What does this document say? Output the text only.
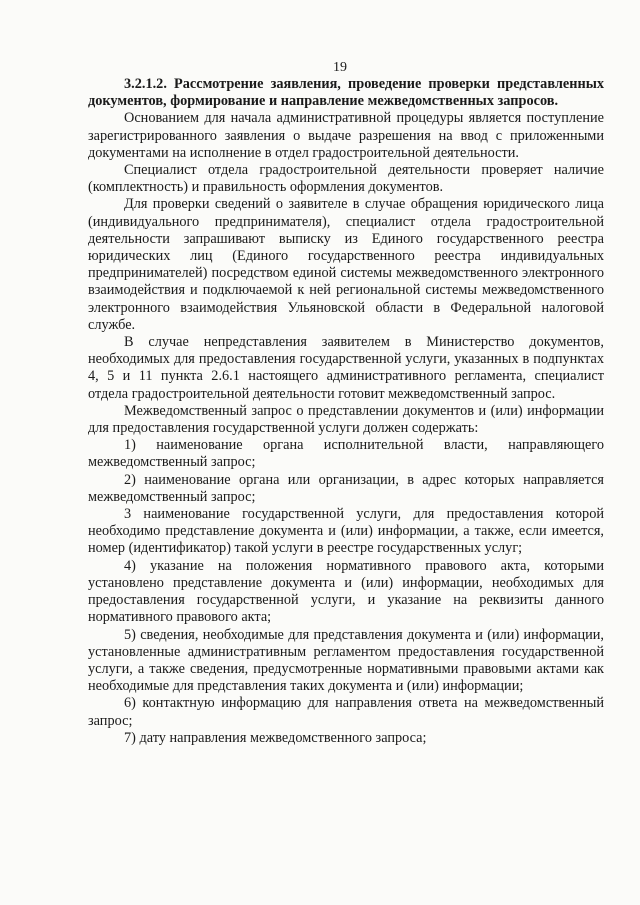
19

3.2.1.2. Рассмотрение заявления, проведение проверки представленных документов, формирование и направление межведомственных запросов.

Основанием для начала административной процедуры является поступление зарегистрированного заявления о выдаче разрешения на ввод с приложенными документами на исполнение в отдел градостроительной деятельности.

Специалист отдела градостроительной деятельности проверяет наличие (комплектность) и правильность оформления документов.

Для проверки сведений о заявителе в случае обращения юридического лица (индивидуального предпринимателя), специалист отдела градостроительной деятельности запрашивают выписку из Единого государственного реестра юридических лиц (Единого государственного реестра индивидуальных предпринимателей) посредством единой системы межведомственного электронного взаимодействия и подключаемой к ней региональной системы межведомственного электронного взаимодействия Ульяновской области в Федеральной налоговой службе.

В случае непредставления заявителем в Министерство документов, необходимых для предоставления государственной услуги, указанных в подпунктах 4, 5 и 11 пункта 2.6.1 настоящего административного регламента, специалист отдела градостроительной деятельности готовит межведомственный запрос.

Межведомственный запрос о представлении документов и (или) информации для предоставления государственной услуги должен содержать:

1) наименование органа исполнительной власти, направляющего межведомственный запрос;

2) наименование органа или организации, в адрес которых направляется межведомственный запрос;

3 наименование государственной услуги, для предоставления которой необходимо представление документа и (или) информации, а также, если имеется, номер (идентификатор) такой услуги в реестре государственных услуг;

4) указание на положения нормативного правового акта, которыми установлено представление документа и (или) информации, необходимых для предоставления государственной услуги, и указание на реквизиты данного нормативного правового акта;

5) сведения, необходимые для представления документа и (или) информации, установленные административным регламентом предоставления государственной услуги, а также сведения, предусмотренные нормативными правовыми актами как необходимые для представления таких документа и (или) информации;

6) контактную информацию для направления ответа на межведомственный запрос;

7) дату направления межведомственного запроса;
